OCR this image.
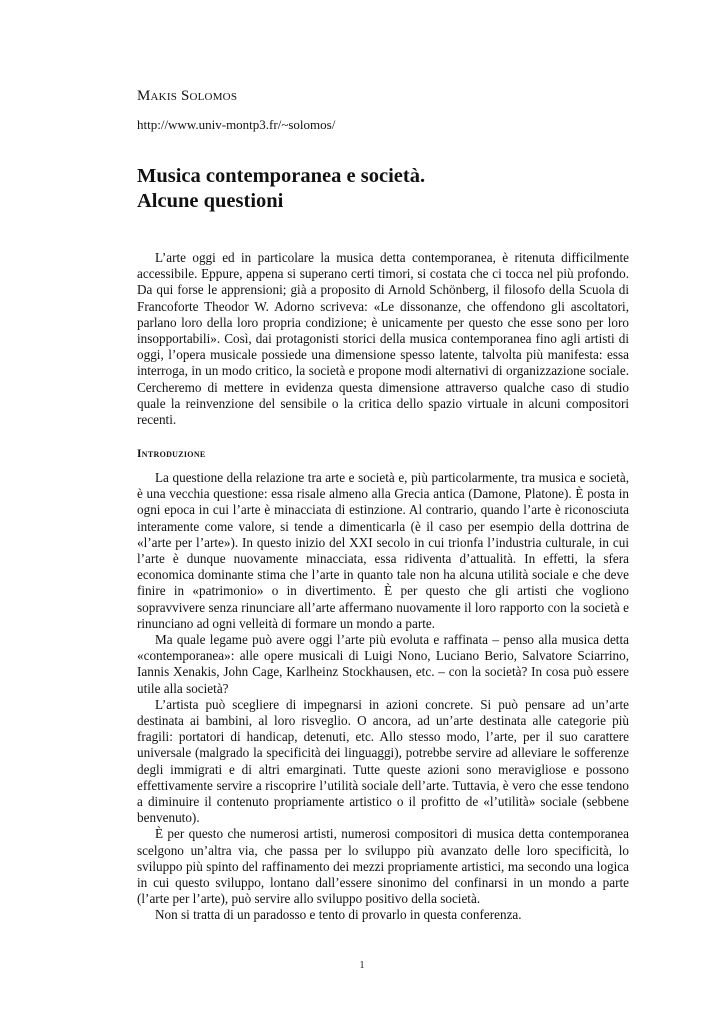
Makis Solomos
http://www.univ-montp3.fr/~solomos/
Musica contemporanea e società.
Alcune questioni

L’arte oggi ed in particolare la musica detta contemporanea, è ritenuta difficilmente accessibile. Eppure, appena si superano certi timori, si costata che ci tocca nel più profondo. Da qui forse le apprensioni; già a proposito di Arnold Schönberg, il filosofo della Scuola di Francoforte Theodor W. Adorno scriveva: «Le dissonanze, che offendono gli ascoltatori, parlano loro della loro propria condizione; è unicamente per questo che esse sono per loro insopportabili». Così, dai protagonisti storici della musica contemporanea fino agli artisti di oggi, l’opera musicale possiede una dimensione spesso latente, talvolta più manifesta: essa interroga, in un modo critico, la società e propone modi alternativi di organizzazione sociale. Cercheremo di mettere in evidenza questa dimensione attraverso qualche caso di studio quale la reinvenzione del sensibile o la critica dello spazio virtuale in alcuni compositori recenti.

Introduzione

La questione della relazione tra arte e società e, più particolarmente, tra musica e società, è una vecchia questione: essa risale almeno alla Grecia antica (Damone, Platone). È posta in ogni epoca in cui l’arte è minacciata di estinzione. Al contrario, quando l’arte è riconosciuta interamente come valore, si tende a dimenticarla (è il caso per esempio della dottrina de «l’arte per l’arte»). In questo inizio del XXI secolo in cui trionfa l’industria culturale, in cui l’arte è dunque nuovamente minacciata, essa ridiventa d’attualità. In effetti, la sfera economica dominante stima che l’arte in quanto tale non ha alcuna utilità sociale e che deve finire in «patrimonio» o in divertimento. È per questo che gli artisti che vogliono sopravvivere senza rinunciare all’arte affermano nuovamente il loro rapporto con la società e rinunciano ad ogni velleità di formare un mondo a parte.

Ma quale legame può avere oggi l’arte più evoluta e raffinata – penso alla musica detta «contemporanea»: alle opere musicali di Luigi Nono, Luciano Berio, Salvatore Sciarrino, Iannis Xenakis, John Cage, Karlheinz Stockhausen, etc. – con la società? In cosa può essere utile alla società?

L’artista può scegliere di impegnarsi in azioni concrete. Si può pensare ad un’arte destinata ai bambini, al loro risveglio. O ancora, ad un’arte destinata alle categorie più fragili: portatori di handicap, detenuti, etc. Allo stesso modo, l’arte, per il suo carattere universale (malgrado la specificità dei linguaggi), potrebbe servire ad alleviare le sofferenze degli immigrati e di altri emarginati. Tutte queste azioni sono meravigliose e possono effettivamente servire a riscoprire l’utilità sociale dell’arte. Tuttavia, è vero che esse tendono a diminuire il contenuto propriamente artistico o il profitto de «l’utilità» sociale (sebbene benvenuto).

È per questo che numerosi artisti, numerosi compositori di musica detta contemporanea scelgono un’altra via, che passa per lo sviluppo più avanzato delle loro specificità, lo sviluppo più spinto del raffinamento dei mezzi propriamente artistici, ma secondo una logica in cui questo sviluppo, lontano dall’essere sinonimo del confinarsi in un mondo a parte (l’arte per l’arte), può servire allo sviluppo positivo della società.

Non si tratta di un paradosso e tento di provarlo in questa conferenza.

1
